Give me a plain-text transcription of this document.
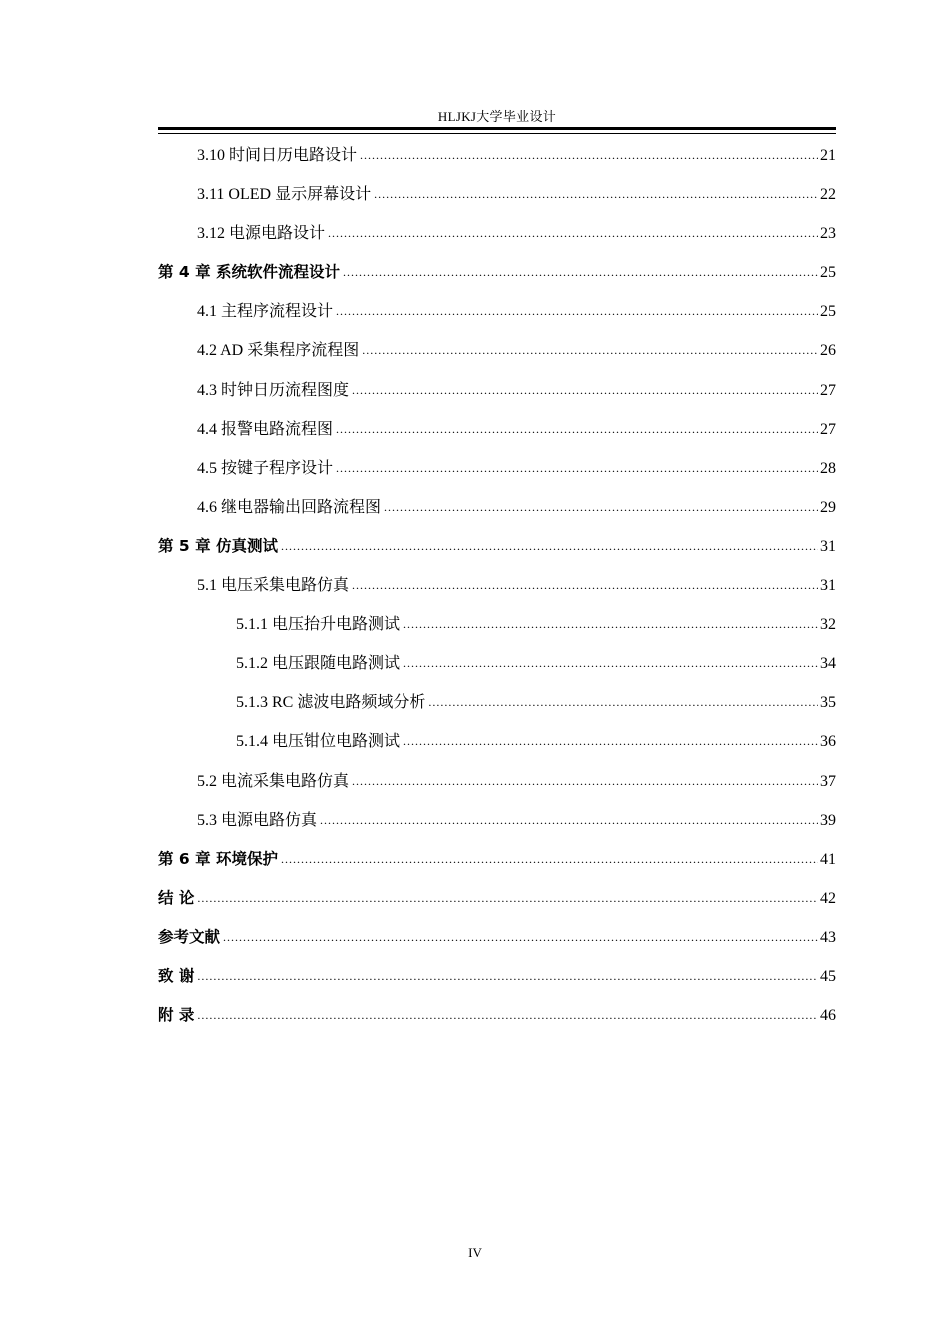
HLJKJ大学毕业设计
3.10 时间日历电路设计 .....	21
3.11 OLED 显示屏幕设计 .....	22
3.12 电源电路设计 .....	23
第 4 章 系统软件流程设计 .....	25
4.1 主程序流程设计 .....	25
4.2 AD 采集程序流程图 .....	26
4.3 时钟日历流程图度 .....	27
4.4 报警电路流程图 .....	27
4.5 按键子程序设计 .....	28
4.6 继电器输出回路流程图 .....	29
第 5 章 仿真测试 .....	31
5.1 电压采集电路仿真 .....	31
5.1.1 电压抬升电路测试 .....	32
5.1.2 电压跟随电路测试 .....	34
5.1.3 RC 滤波电路频域分析 .....	35
5.1.4 电压钳位电路测试 .....	36
5.2 电流采集电路仿真 .....	37
5.3 电源电路仿真 .....	39
第 6 章 环境保护 .....	41
结 论 .....	42
参考文献 .....	43
致 谢 .....	45
附 录 .....	46
IV
